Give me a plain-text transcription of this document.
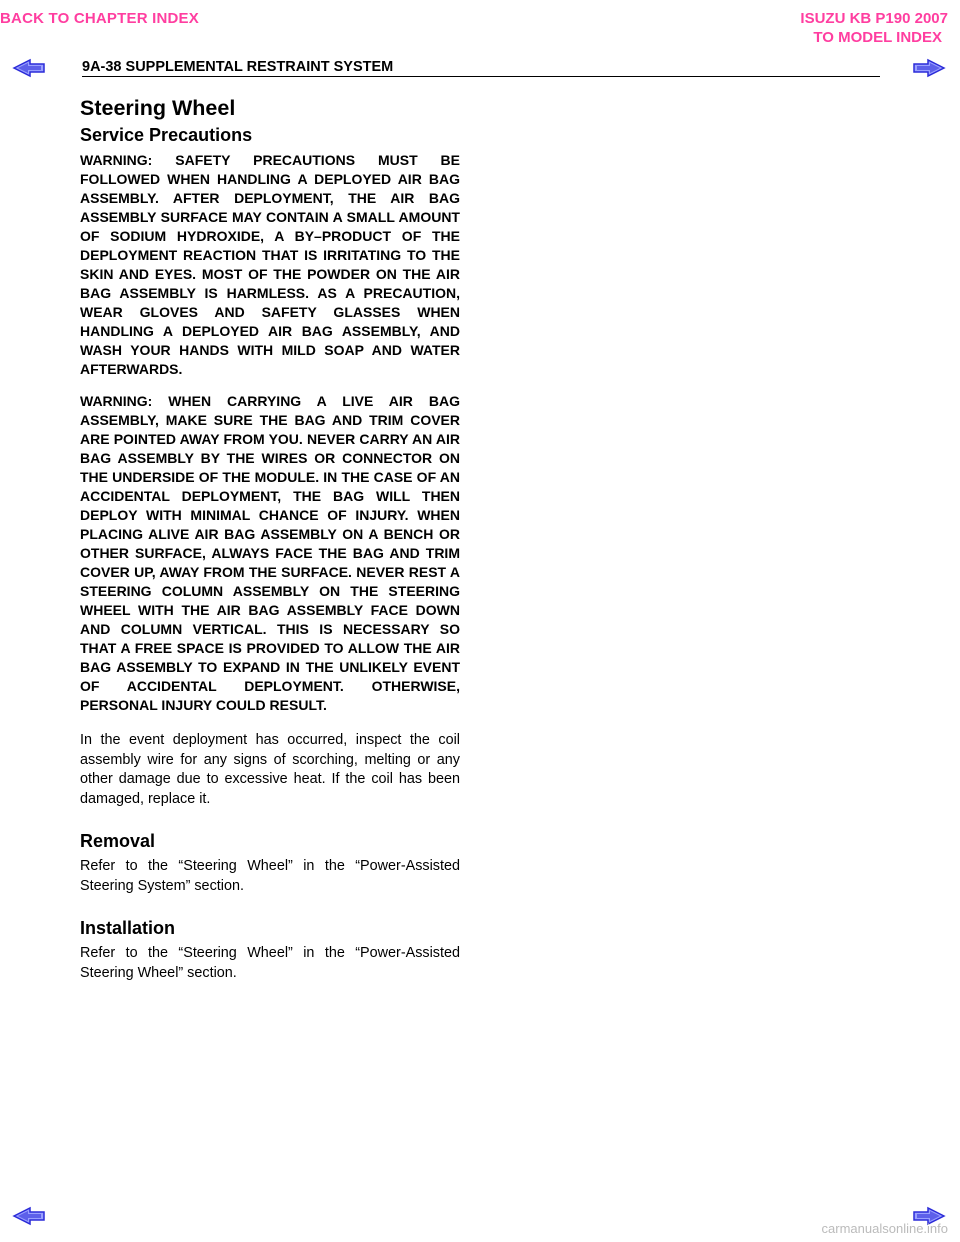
BACK TO CHAPTER INDEX	ISUZU KB P190 2007
TO MODEL INDEX
9A-38 SUPPLEMENTAL RESTRAINT SYSTEM
Steering Wheel
Service Precautions

WARNING: SAFETY PRECAUTIONS MUST BE FOLLOWED WHEN HANDLING A DEPLOYED AIR BAG ASSEMBLY. AFTER DEPLOYMENT, THE AIR BAG ASSEMBLY SURFACE MAY CONTAIN A SMALL AMOUNT OF SODIUM HYDROXIDE, A BY–PRODUCT OF THE DEPLOYMENT REACTION THAT IS IRRITATING TO THE SKIN AND EYES. MOST OF THE POWDER ON THE AIR BAG ASSEMBLY IS HARMLESS. AS A PRECAUTION, WEAR GLOVES AND SAFETY GLASSES WHEN HANDLING A DEPLOYED AIR BAG ASSEMBLY, AND WASH YOUR HANDS WITH MILD SOAP AND WATER AFTERWARDS.

WARNING: WHEN CARRYING A LIVE AIR BAG ASSEMBLY, MAKE SURE THE BAG AND TRIM COVER ARE POINTED AWAY FROM YOU. NEVER CARRY AN AIR BAG ASSEMBLY BY THE WIRES OR CONNECTOR ON THE UNDERSIDE OF THE MODULE. IN THE CASE OF AN ACCIDENTAL DEPLOYMENT, THE BAG WILL THEN DEPLOY WITH MINIMAL CHANCE OF INJURY. WHEN PLACING ALIVE AIR BAG ASSEMBLY ON A BENCH OR OTHER SURFACE, ALWAYS FACE THE BAG AND TRIM COVER UP, AWAY FROM THE SURFACE. NEVER REST A STEERING COLUMN ASSEMBLY ON THE STEERING WHEEL WITH THE AIR BAG ASSEMBLY FACE DOWN AND COLUMN VERTICAL. THIS IS NECESSARY SO THAT A FREE SPACE IS PROVIDED TO ALLOW THE AIR BAG ASSEMBLY TO EXPAND IN THE UNLIKELY EVENT OF ACCIDENTAL DEPLOYMENT. OTHERWISE, PERSONAL INJURY COULD RESULT.

In the event deployment has occurred, inspect the coil assembly wire for any signs of scorching, melting or any other damage due to excessive heat. If the coil has been damaged, replace it.

Removal

Refer to the “Steering Wheel” in the “Power-Assisted Steering System” section.

Installation

Refer to the “Steering Wheel” in the “Power-Assisted Steering Wheel” section.

carmanualsonline.info
